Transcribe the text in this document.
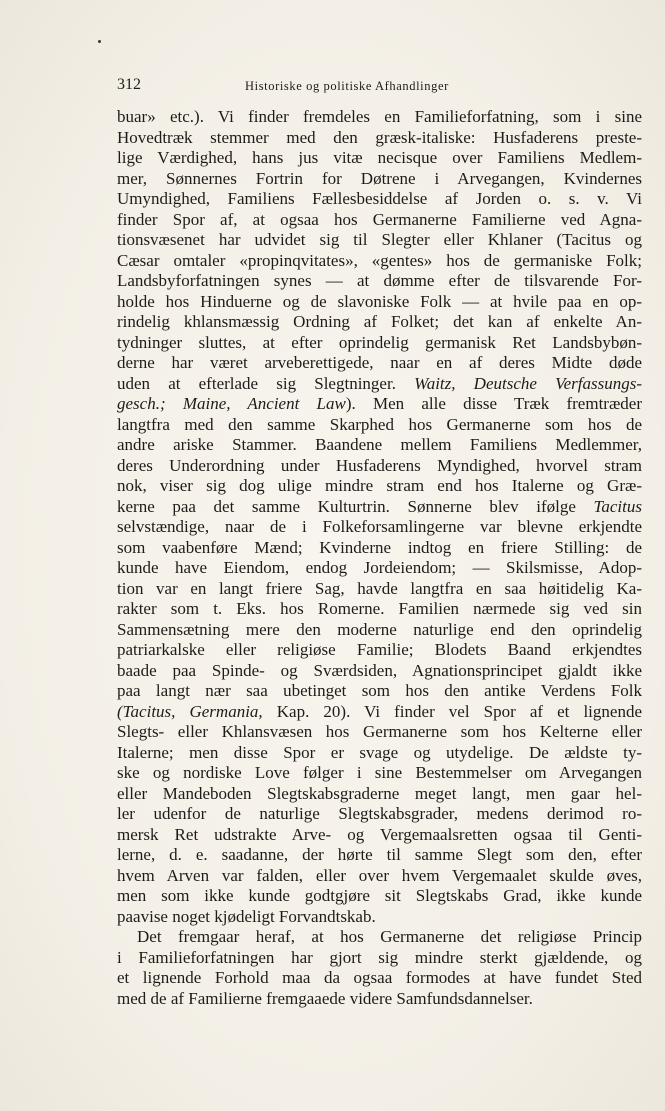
312	Historiske og politiske Afhandlinger
buar» etc.). Vi finder fremdeles en Familieforfatning, som i sine
Hovedtræk stemmer med den græsk-italiske: Husfaderens preste-
lige Værdighed, hans jus vitæ necisque over Familiens Medlem-
mer, Sønnernes Fortrin for Døtrene i Arvegangen, Kvindernes
Umyndighed, Familiens Fællesbesiddelse af Jorden o. s. v. Vi
finder Spor af, at ogsaa hos Germanerne Familierne ved Agna-
tionsvæsenet har udvidet sig til Slegter eller Khlaner (Tacitus og
Cæsar omtaler «propinqvitates», «gentes» hos de germaniske Folk;
Landsbyforfatningen synes — at dømme efter de tilsvarende For-
holde hos Hinduerne og de slavoniske Folk — at hvile paa en op-
rindelig khlansmæssig Ordning af Folket; det kan af enkelte An-
tydninger sluttes, at efter oprindelig germanisk Ret Landsbybøn-
derne har været arveberettigede, naar en af deres Midte døde
uden at efterlade sig Slegtninger. Waitz, Deutsche Verfassungs-
gesch.; Maine, Ancient Law). Men alle disse Træk fremtræder
langtfra med den samme Skarphed hos Germanerne som hos de
andre ariske Stammer. Baandene mellem Familiens Medlemmer,
deres Underordning under Husfaderens Myndighed, hvorvel stram
nok, viser sig dog ulige mindre stram end hos Italerne og Græ-
kerne paa det samme Kulturtrin. Sønnerne blev ifølge Tacitus
selvstændige, naar de i Folkeforsamlingerne var blevne erkjendte
som vaabenføre Mænd; Kvinderne indtog en friere Stilling: de
kunde have Eiendom, endog Jordeiendom; — Skilsmisse, Adop-
tion var en langt friere Sag, havde langtfra en saa høitidelig Ka-
rakter som t. Eks. hos Romerne. Familien nærmede sig ved sin
Sammensætning mere den moderne naturlige end den oprindelig
patriarkalske eller religiøse Familie; Blodets Baand erkjendtes
baade paa Spinde- og Sværdsiden, Agnationsprincipet gjaldt ikke
paa langt nær saa ubetinget som hos den antike Verdens Folk
(Tacitus, Germania, Kap. 20). Vi finder vel Spor af et lignende
Slegts- eller Khlansvæsen hos Germanerne som hos Kelterne eller
Italerne; men disse Spor er svage og utydelige. De ældste ty-
ske og nordiske Love følger i sine Bestemmelser om Arvegangen
eller Mandeboden Slegtskabsgraderne meget langt, men gaar hel-
ler udenfor de naturlige Slegtskabsgrader, medens derimod ro-
mersk Ret udstrakte Arve- og Vergemaalsretten ogsaa til Genti-
lerne, d. e. saadanne, der hørte til samme Slegt som den, efter
hvem Arven var falden, eller over hvem Vergemaalet skulde øves,
men som ikke kunde godtgjøre sit Slegtskabs Grad, ikke kunde
paavise noget kjødeligt Forvandtskab.
Det fremgaar heraf, at hos Germanerne det religiøse Princip
i Familieforfatningen har gjort sig mindre sterkt gjældende, og
et lignende Forhold maa da ogsaa formodes at have fundet Sted
med de af Familierne fremgaaede videre Samfundsdannelser.
